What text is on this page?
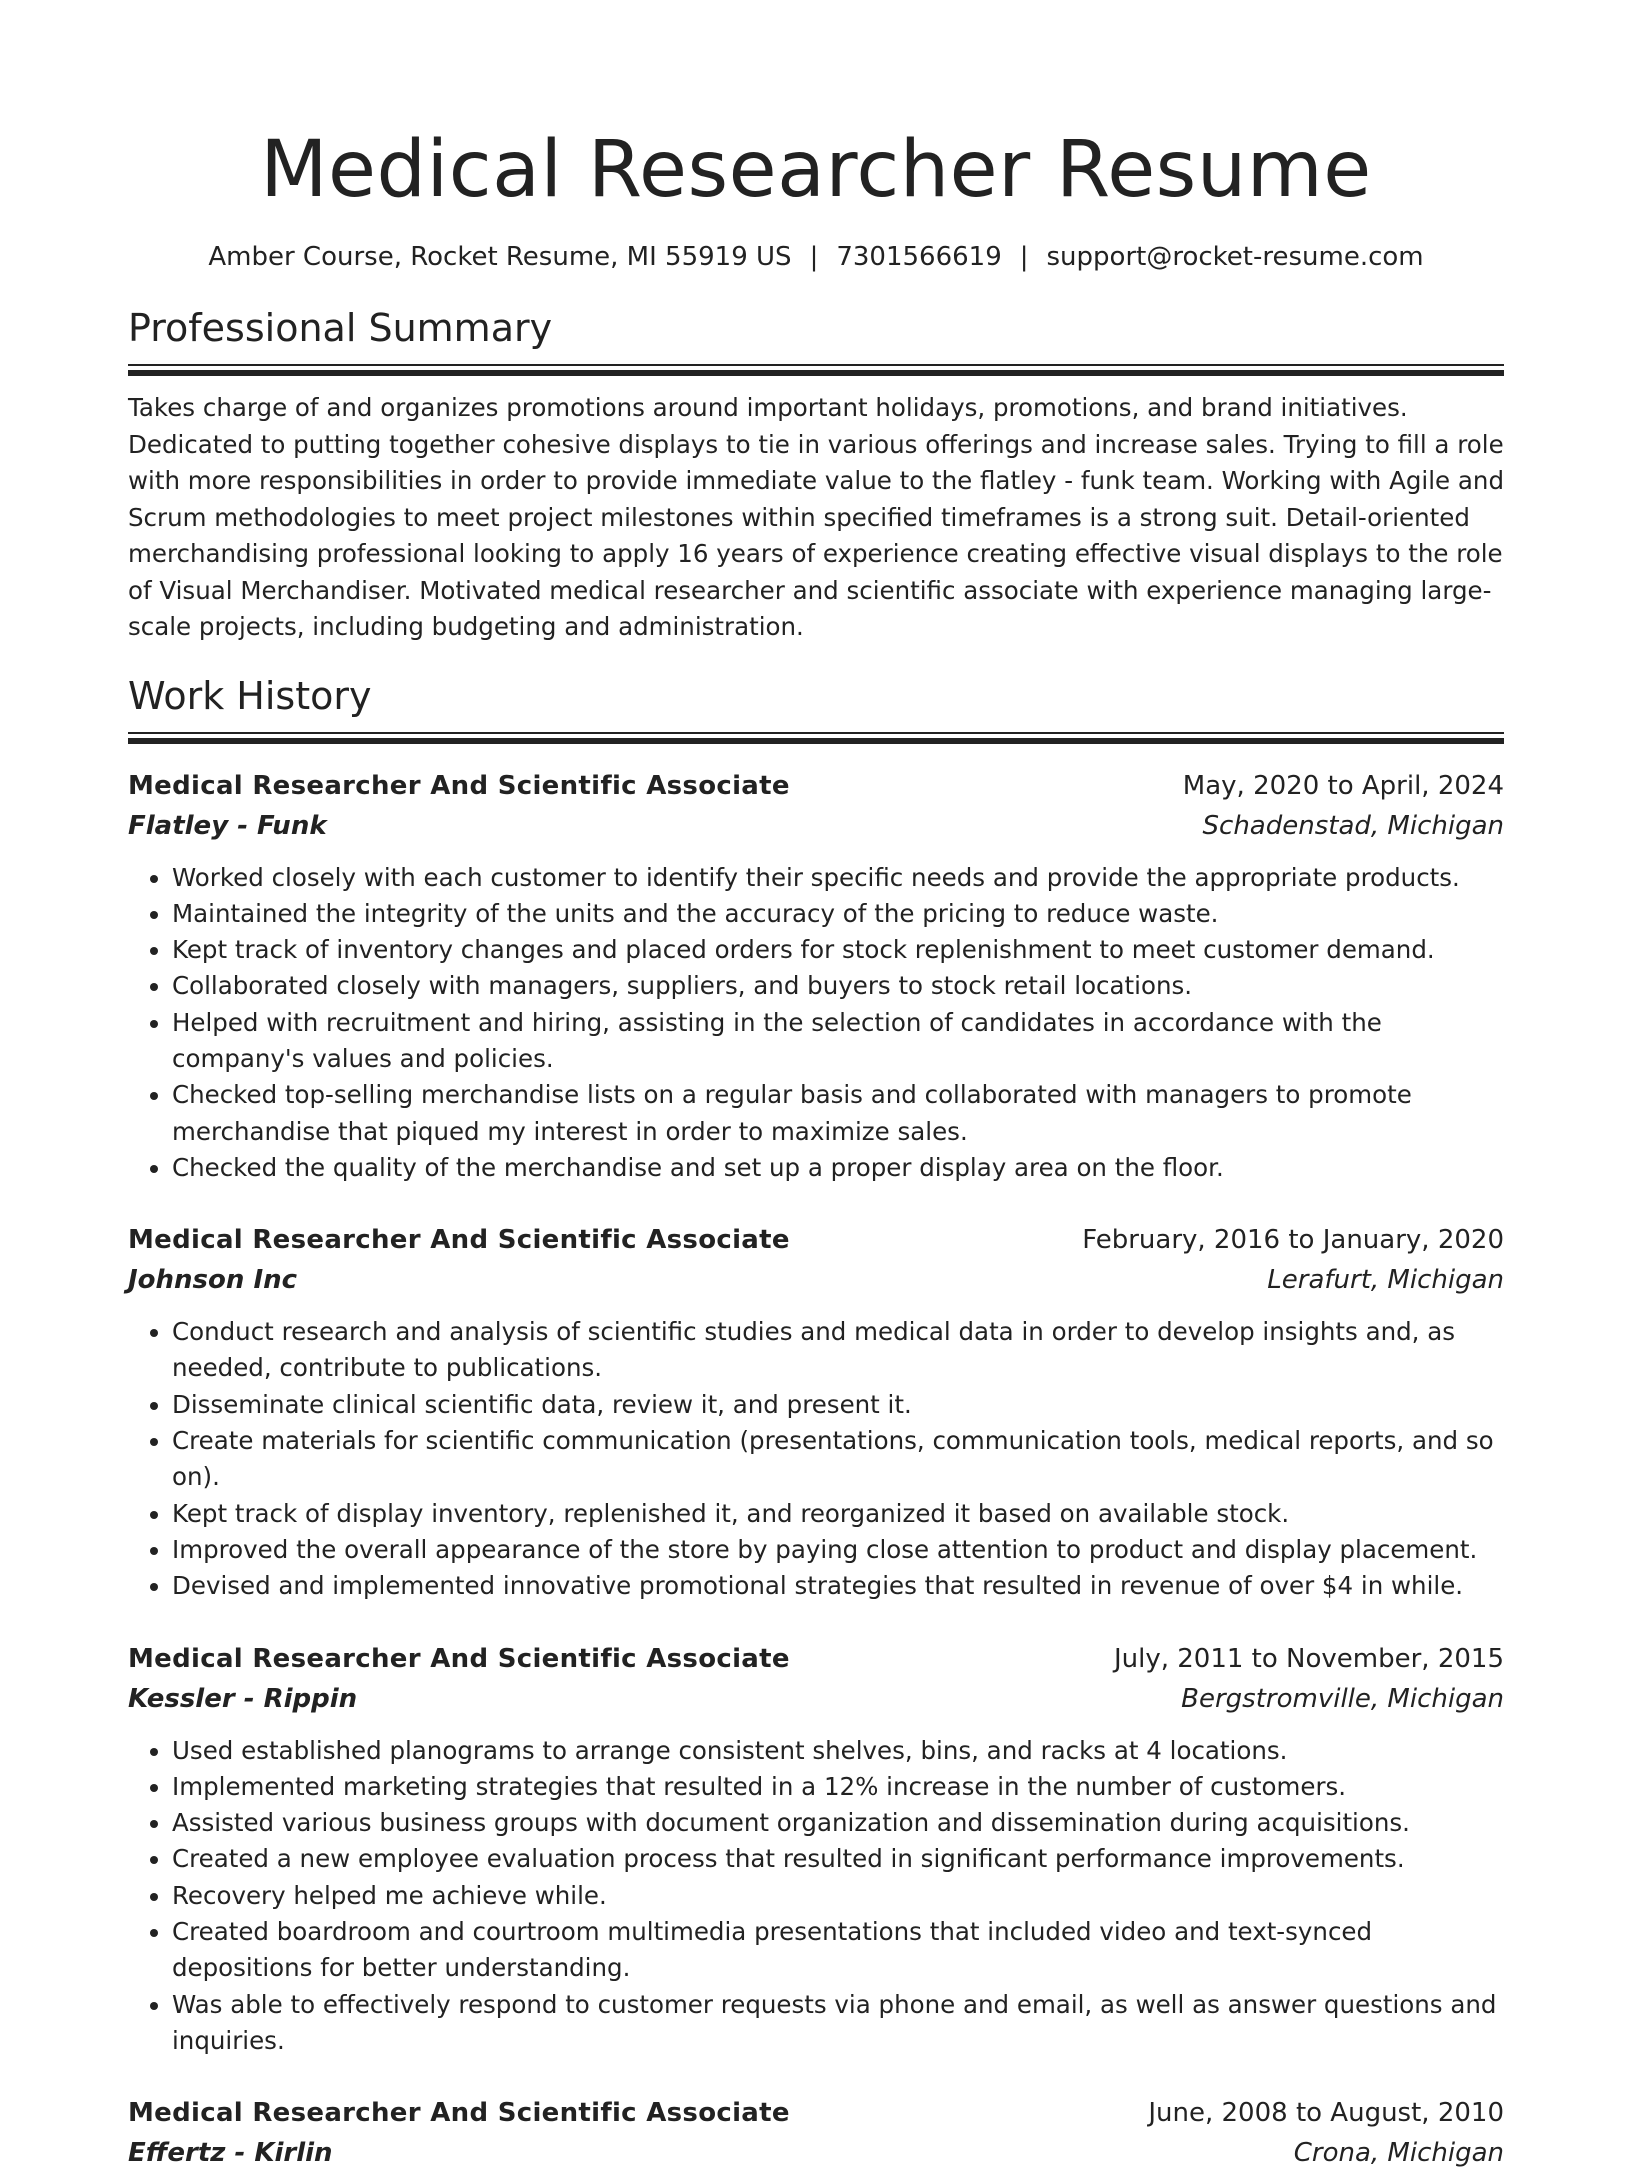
Medical Researcher Resume
Amber Course, Rocket Resume, MI 55919 US | 7301566619 | support@rocket-resume.com
Professional Summary

Takes charge of and organizes promotions around important holidays, promotions, and brand initiatives. Dedicated to putting together cohesive displays to tie in various offerings and increase sales. Trying to fill a role with more responsibilities in order to provide immediate value to the flatley - funk team. Working with Agile and Scrum methodologies to meet project milestones within specified timeframes is a strong suit. Detail-oriented merchandising professional looking to apply 16 years of experience creating effective visual displays to the role of Visual Merchandiser. Motivated medical researcher and scientific associate with experience managing large-scale projects, including budgeting and administration.

Work History
Medical Researcher And Scientific Associate	May, 2020 to April, 2024
Flatley - Funk	Schadenstad, Michigan
• Worked closely with each customer to identify their specific needs and provide the appropriate products.
• Maintained the integrity of the units and the accuracy of the pricing to reduce waste.
• Kept track of inventory changes and placed orders for stock replenishment to meet customer demand.
• Collaborated closely with managers, suppliers, and buyers to stock retail locations.
• Helped with recruitment and hiring, assisting in the selection of candidates in accordance with the company's values and policies.
• Checked top-selling merchandise lists on a regular basis and collaborated with managers to promote merchandise that piqued my interest in order to maximize sales.
• Checked the quality of the merchandise and set up a proper display area on the floor.
Medical Researcher And Scientific Associate	February, 2016 to January, 2020
Johnson Inc	Lerafurt, Michigan
• Conduct research and analysis of scientific studies and medical data in order to develop insights and, as needed, contribute to publications.
• Disseminate clinical scientific data, review it, and present it.
• Create materials for scientific communication (presentations, communication tools, medical reports, and so on).
• Kept track of display inventory, replenished it, and reorganized it based on available stock.
• Improved the overall appearance of the store by paying close attention to product and display placement.
• Devised and implemented innovative promotional strategies that resulted in revenue of over $4 in while.
Medical Researcher And Scientific Associate	July, 2011 to November, 2015
Kessler - Rippin	Bergstromville, Michigan
• Used established planograms to arrange consistent shelves, bins, and racks at 4 locations.
• Implemented marketing strategies that resulted in a 12% increase in the number of customers.
• Assisted various business groups with document organization and dissemination during acquisitions.
• Created a new employee evaluation process that resulted in significant performance improvements.
• Recovery helped me achieve while.
• Created boardroom and courtroom multimedia presentations that included video and text-synced depositions for better understanding.
• Was able to effectively respond to customer requests via phone and email, as well as answer questions and inquiries.
Medical Researcher And Scientific Associate	June, 2008 to August, 2010
Effertz - Kirlin	Crona, Michigan
